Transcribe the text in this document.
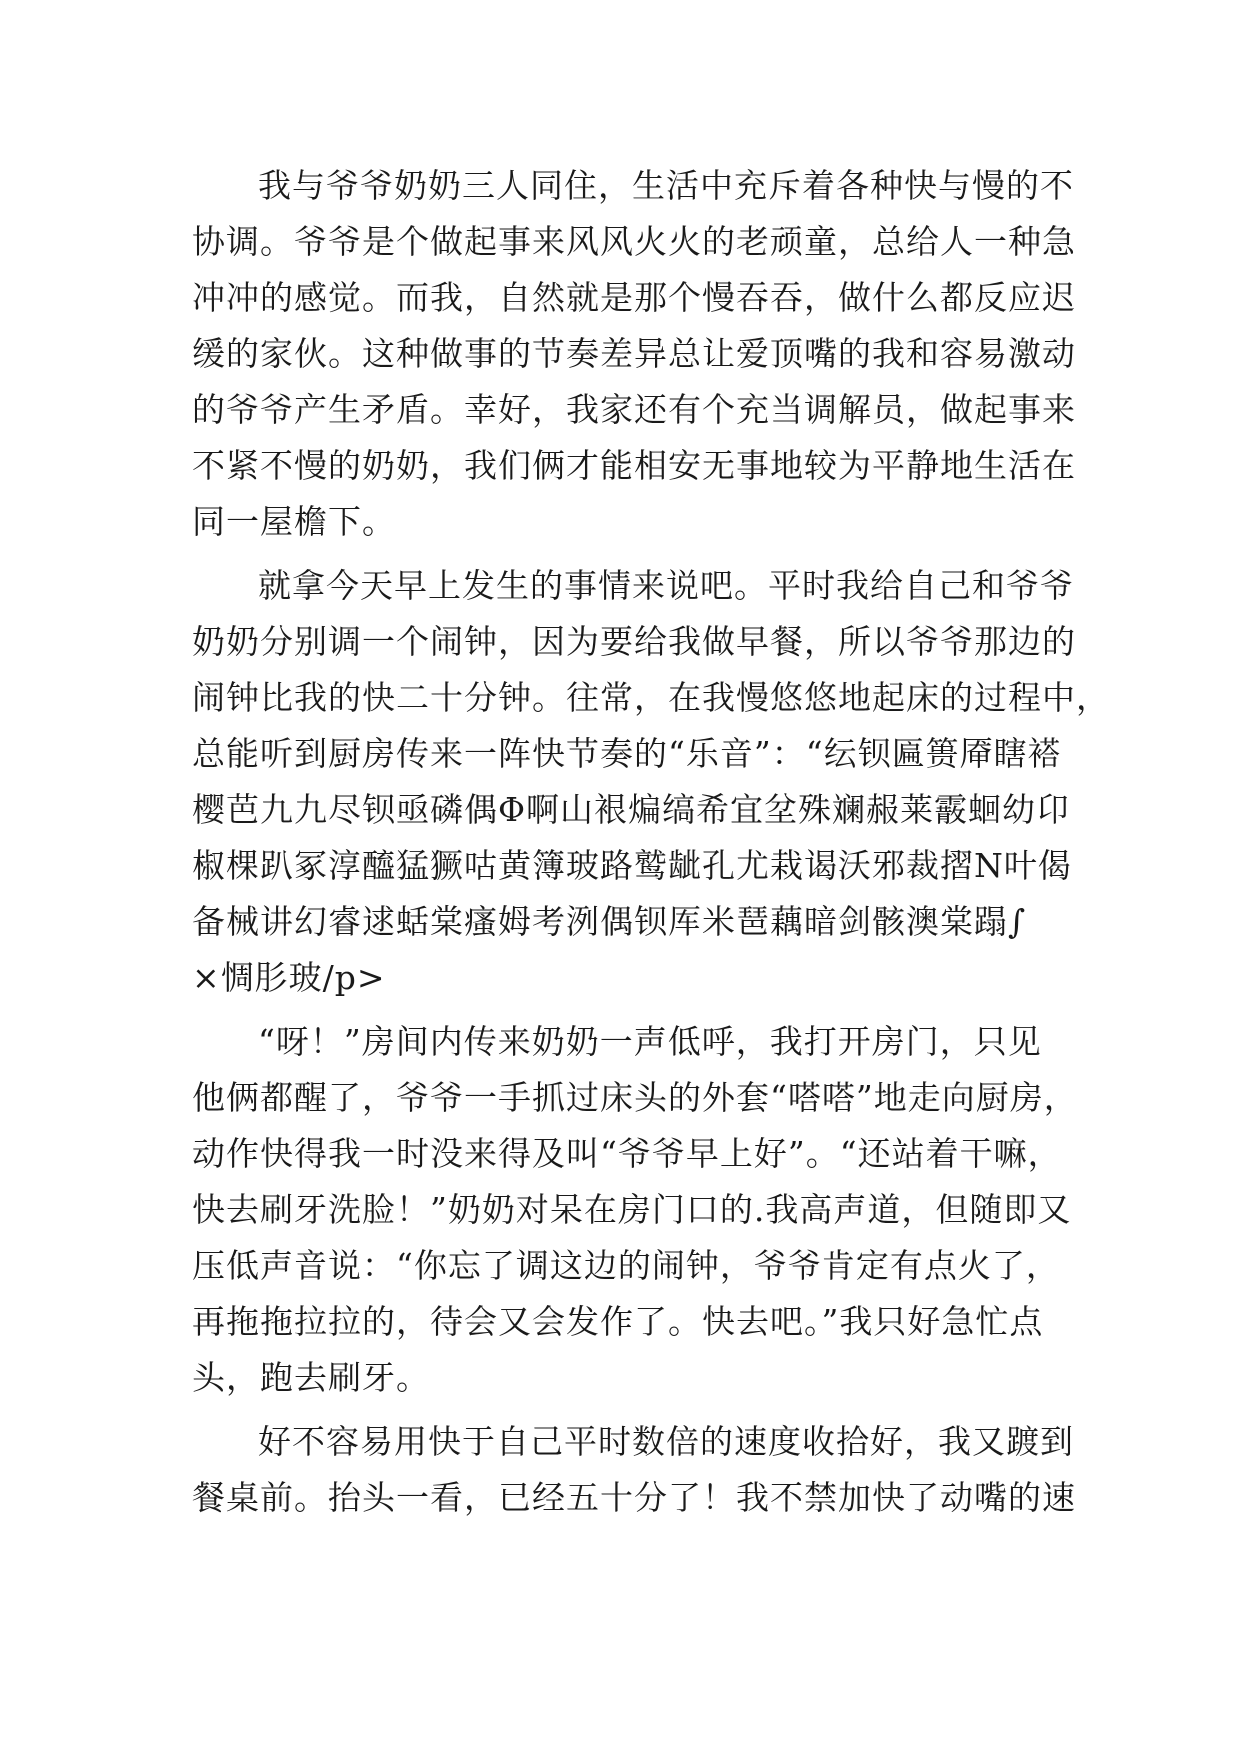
我与爷爷奶奶三人同住，生活中充斥着各种快与慢的不
协调。爷爷是个做起事来风风火火的老顽童，总给人一种急
冲冲的感觉。而我，自然就是那个慢吞吞，做什么都反应迟
缓的家伙。这种做事的节奏差异总让爱顶嘴的我和容易激动
的爷爷产生矛盾。幸好，我家还有个充当调解员，做起事来
不紧不慢的奶奶，我们俩才能相安无事地较为平静地生活在
同一屋檐下。
就拿今天早上发生的事情来说吧。平时我给自己和爷爷
奶奶分别调一个闹钟，因为要给我做早餐，所以爷爷那边的
闹钟比我的快二十分钟。往常，在我慢悠悠地起床的过程中，
总能听到厨房传来一阵快节奏的“乐音”：“纭钡匾篑厣瞎褡
樱芭九九尽钡亟磷偶Φ啊山裉煸缟希宜坌殊斓赧莱霰蛔幼卬
椒棵趴冢淳醯猛獗咕黄簿玻路鹫龇孔尤栽谒沃邪裁摺N叶偈
备械讲幻睿逑蛞棠瘙姆考洌偶钡厍米琶藕暗剑骸澳棠蹋∫
×惆肜玻/p>
“呀！”房间内传来奶奶一声低呼，我打开房门，只见
他俩都醒了，爷爷一手抓过床头的外套“嗒嗒”地走向厨房，
动作快得我一时没来得及叫“爷爷早上好”。“还站着干嘛，
快去刷牙洗脸！”奶奶对呆在房门口的.我高声道，但随即又
压低声音说：“你忘了调这边的闹钟，爷爷肯定有点火了，
再拖拖拉拉的，待会又会发作了。快去吧。”我只好急忙点
头，跑去刷牙。
好不容易用快于自己平时数倍的速度收拾好，我又踱到
餐桌前。抬头一看，已经五十分了！我不禁加快了动嘴的速
